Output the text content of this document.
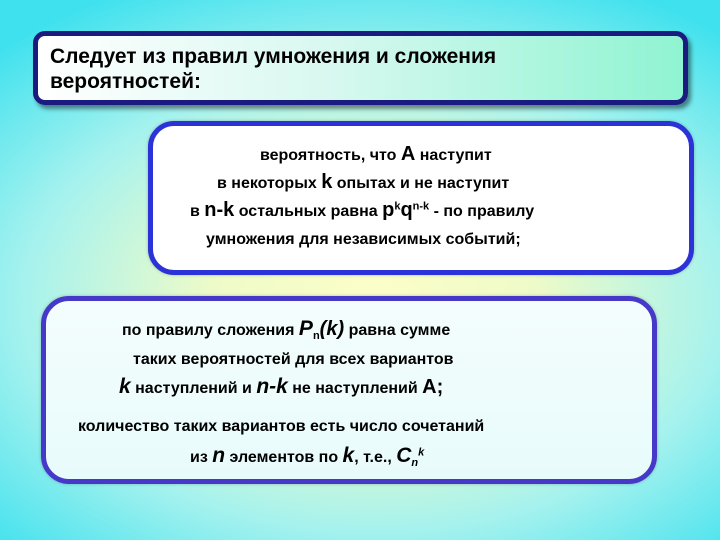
Следует из правил умножения и сложения
вероятностей:
вероятность, что A наступит
в некоторых k опытах и не наступит
в n-k остальных равна $p^kq^{n-k}$ - по правилу
умножения для независимых событий;
по правилу сложения $P_n(k)$ равна сумме
таких вероятностей для всех вариантов
k наступлений и n-k не наступлений A;
количество таких вариантов есть число сочетаний
из n элементов по k, т.е., $C_n^k$
